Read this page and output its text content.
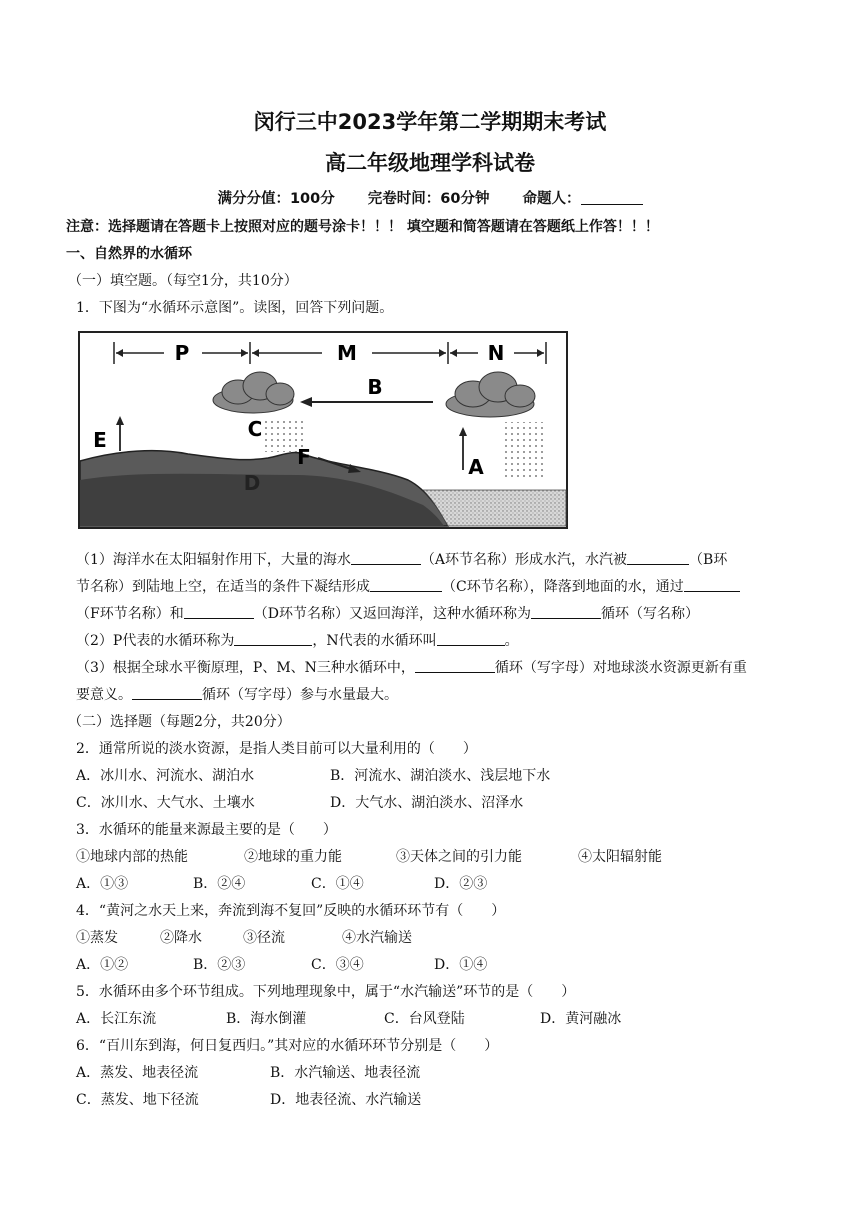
闵行三中2023学年第二学期期末考试
高二年级地理学科试卷
满分分值：100分 完卷时间：60分钟 命题人：
注意：选择题请在答题卡上按照对应的题号涂卡！！！ 填空题和简答题请在答题纸上作答！！！
一、自然界的水循环
（一）填空题。（每空1分，共10分）
1．下图为“水循环示意图”。读图，回答下列问题。
P	M	N
B
C
E
F
D
A
（1）海洋水在太阳辐射作用下，大量的海水	（A环节名称）形成水汽，水汽被	（B环
节名称）到陆地上空，在适当的条件下凝结形成	（C环节名称），降落到地面的水，通过
（F环节名称）和	（D环节名称）又返回海洋，这种水循环称为	循环（写名称）
（2）P代表的水循环称为	，N代表的水循环叫	。
（3）根据全球水平衡原理，P、M、N三种水循环中，	循环（写字母）对地球淡水资源更新有重
要意义。	循环（写字母）参与水量最大。
（二）选择题（每题2分，共20分）
2．通常所说的淡水资源，是指人类目前可以大量利用的（　　）
A．冰川水、河流水、湖泊水	B．河流水、湖泊淡水、浅层地下水
C．冰川水、大气水、土壤水	D．大气水、湖泊淡水、沼泽水
3．水循环的能量来源最主要的是（　　）
①地球内部的热能	②地球的重力能	③天体之间的引力能	④太阳辐射能
A．①③	B．②④	C．①④	D．②③
4．“黄河之水天上来，奔流到海不复回”反映的水循环环节有（　　）
①蒸发	②降水	③径流	④水汽输送
A．①②	B．②③	C．③④	D．①④
5．水循环由多个环节组成。下列地理现象中，属于“水汽输送”环节的是（　　）
A．长江东流	B．海水倒灌	C．台风登陆	D．黄河融冰
6．“百川东到海，何日复西归。”其对应的水循环环节分别是（　　）
A．蒸发、地表径流	B．水汽输送、地表径流
C．蒸发、地下径流	D．地表径流、水汽输送
